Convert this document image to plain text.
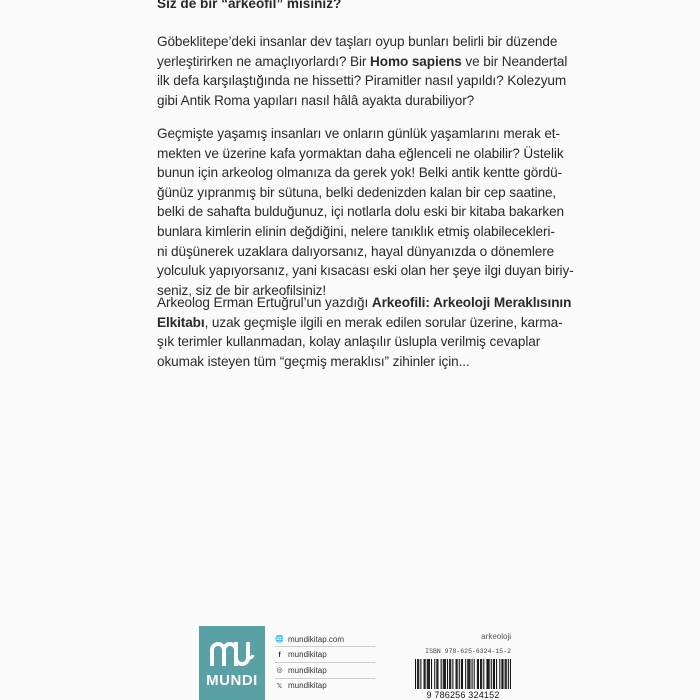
Siz de bir “arkeofil” misiniz?

Göbeklitepe’deki insanlar dev taşları oyup bunları belirli bir düzende
yerleştirirken ne amaçlıyorlardı? Bir Homo sapiens ve bir Neandertal
ilk defa karşılaştığında ne hissetti? Piramitler nasıl yapıldı? Kolezyum
gibi Antik Roma yapıları nasıl hâlâ ayakta durabiliyor?

Geçmişte yaşamış insanları ve onların günlük yaşamlarını merak et-
mekten ve üzerine kafa yormaktan daha eğlenceli ne olabilir? Üstelik
bunun için arkeolog olmanıza da gerek yok! Belki antik kentte gördü-
ğünüz yıpranmış bir sütuna, belki dedenizden kalan bir cep saatine,
belki de sahafta bulduğunuz, içi notlarla dolu eski bir kitaba bakarken
bunlara kimlerin elinin değdiğini, nelere tanıklık etmiş olabilecekleri-
ni düşünerek uzaklara dalıyorsanız, hayal dünyanızda o dönemlere
yolculuk yapıyorsanız, yani kısacası eski olan her şeye ilgi duyan biriy-
seniz, siz de bir arkeofilsiniz!

Arkeolog Erman Ertuğrul’un yazdığı Arkeofili: Arkeoloji Meraklısının
Elkitabı, uzak geçmişle ilgili en merak edilen sorular üzerine, karma-
şık terimler kullanmadan, kolay anlaşılır üslupla verilmiş cevaplar
okumak isteyen tüm “geçmiş meraklısı” zihinler için...

MUNDI
🌐 mundikitap.com
f mundikitap
◎ mundikitap
𝕏 mundikitap
arkeoloji
ISBN 978-625-6324-15-2
9 786256 324152
